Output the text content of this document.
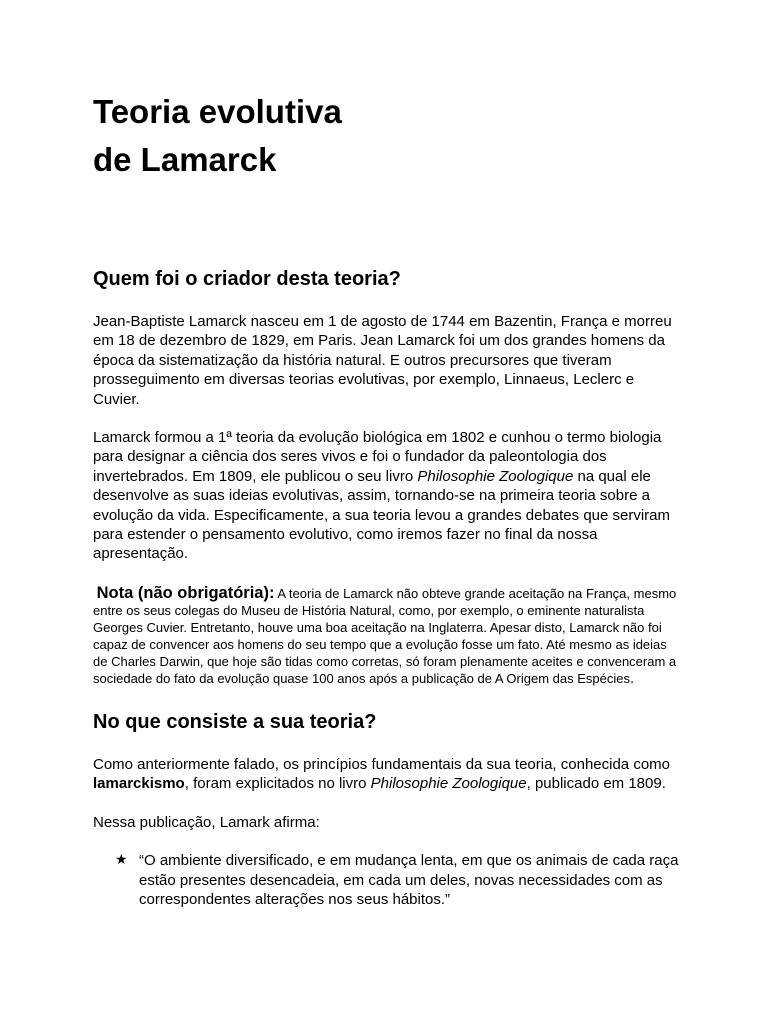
Teoria evolutiva
de Lamarck
Quem foi o criador desta teoria?

Jean-Baptiste Lamarck nasceu em 1 de agosto de 1744 em Bazentin, França e morreu em 18 de dezembro de 1829, em Paris. Jean Lamarck foi um dos grandes homens da época da sistematização da história natural. E outros precursores que tiveram prosseguimento em diversas teorias evolutivas, por exemplo, Linnaeus, Leclerc e Cuvier.

Lamarck formou a 1ª teoria da evolução biológica em 1802 e cunhou o termo biologia para designar a ciência dos seres vivos e foi o fundador da paleontologia dos invertebrados. Em 1809, ele publicou o seu livro Philosophie Zoologique na qual ele desenvolve as suas ideias evolutivas, assim, tornando-se na primeira teoria sobre a evolução da vida. Especificamente, a sua teoria levou a grandes debates que serviram para estender o pensamento evolutivo, como iremos fazer no final da nossa apresentação.

Nota (não obrigatória): A teoria de Lamarck não obteve grande aceitação na França, mesmo entre os seus colegas do Museu de História Natural, como, por exemplo, o eminente naturalista Georges Cuvier. Entretanto, houve uma boa aceitação na Inglaterra. Apesar disto, Lamarck não foi capaz de convencer aos homens do seu tempo que a evolução fosse um fato. Até mesmo as ideias de Charles Darwin, que hoje são tidas como corretas, só foram plenamente aceites e convenceram a sociedade do fato da evolução quase 100 anos após a publicação de A Origem das Espécies.

No que consiste a sua teoria?

Como anteriormente falado, os princípios fundamentais da sua teoria, conhecida como lamarckismo, foram explicitados no livro Philosophie Zoologique, publicado em 1809.

Nessa publicação, Lamark afirma:

★ “O ambiente diversificado, e em mudança lenta, em que os animais de cada raça estão presentes desencadeia, em cada um deles, novas necessidades com as correspondentes alterações nos seus hábitos.”
